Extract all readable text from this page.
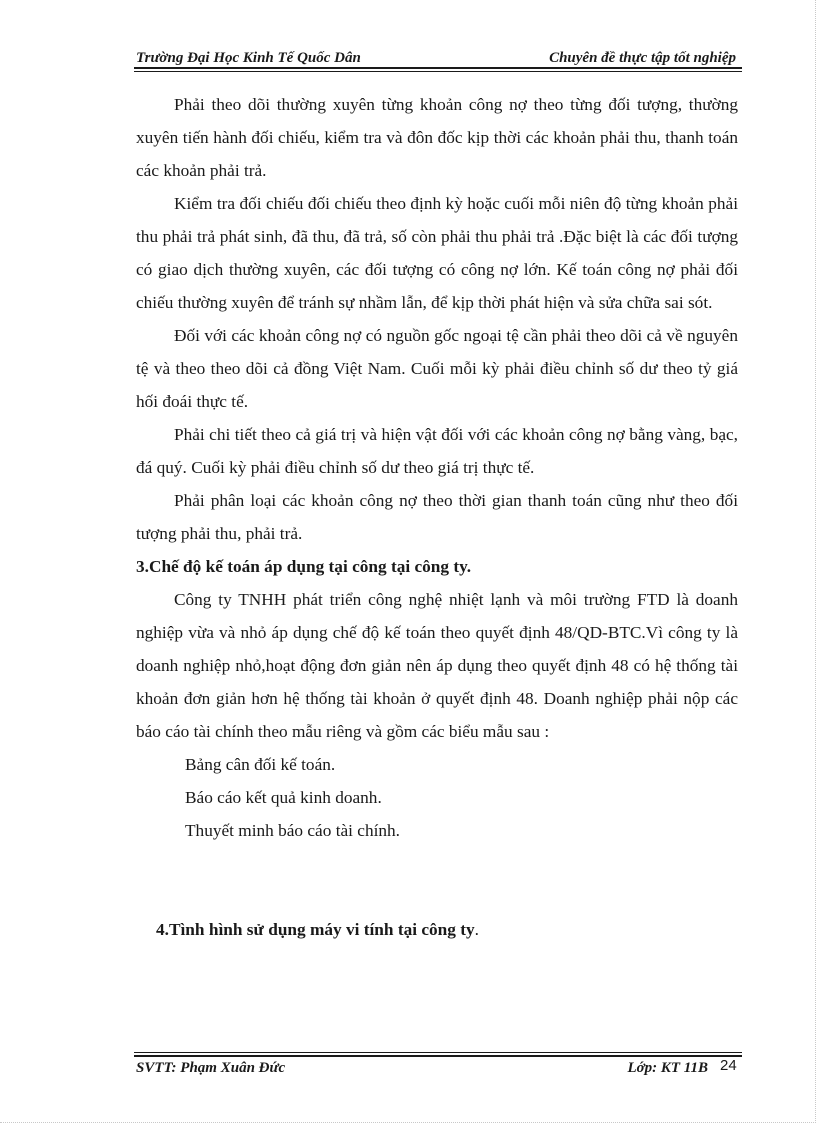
Trường Đại Học Kinh Tế Quốc Dân	Chuyên đề thực tập tốt nghiệp

Phải theo dõi thường xuyên từng khoản công nợ theo từng đối tượng, thường xuyên tiến hành đối chiếu, kiểm tra và đôn đốc kịp thời các khoản phải thu, thanh toán các khoản phải trả.

Kiểm tra đối chiếu đối chiếu theo định kỳ hoặc cuối mỗi niên độ từng khoản phải thu phải trả phát sinh, đã thu, đã trả, số còn phải thu phải trả .Đặc biệt là các đối tượng có giao dịch thường xuyên, các đối tượng có công nợ lớn. Kế toán công nợ phải đối chiếu thường xuyên để tránh sự nhầm lẫn, để kịp thời phát hiện và sửa chữa sai sót.

Đối với các khoản công nợ có nguồn gốc ngoại tệ cần phải theo dõi cả về nguyên tệ và theo theo dõi cả đồng Việt Nam. Cuối mỗi kỳ phải điều chỉnh số dư theo tỷ giá hối đoái thực tế.

Phải chi tiết theo cả giá trị và hiện vật đối với các khoản công nợ bằng vàng, bạc, đá quý. Cuối kỳ phải điều chỉnh số dư theo giá trị thực tế.

Phải phân loại các khoản công nợ theo thời gian thanh toán cũng như theo đối tượng phải thu, phải trả.

3.Chế độ kế toán áp dụng tại công tại công ty.

Công ty TNHH phát triển công nghệ nhiệt lạnh và môi trường FTD là doanh nghiệp vừa và nhỏ áp dụng chế độ kế toán theo quyết định 48/QD-BTC.Vì công ty là doanh nghiệp nhỏ,hoạt động đơn giản nên áp dụng theo quyết định 48 có hệ thống tài khoản đơn giản hơn hệ thống tài khoản ở quyết định 48. Doanh nghiệp phải nộp các báo cáo tài chính theo mẫu riêng và gồm các biểu mẫu sau :

Bảng cân đối kế toán.

Báo cáo kết quả kinh doanh.

Thuyết minh báo cáo tài chính.

4.Tình hình sử dụng máy vi tính tại công ty.

SVTT: Phạm Xuân Đức	Lớp: KT 11B 24
